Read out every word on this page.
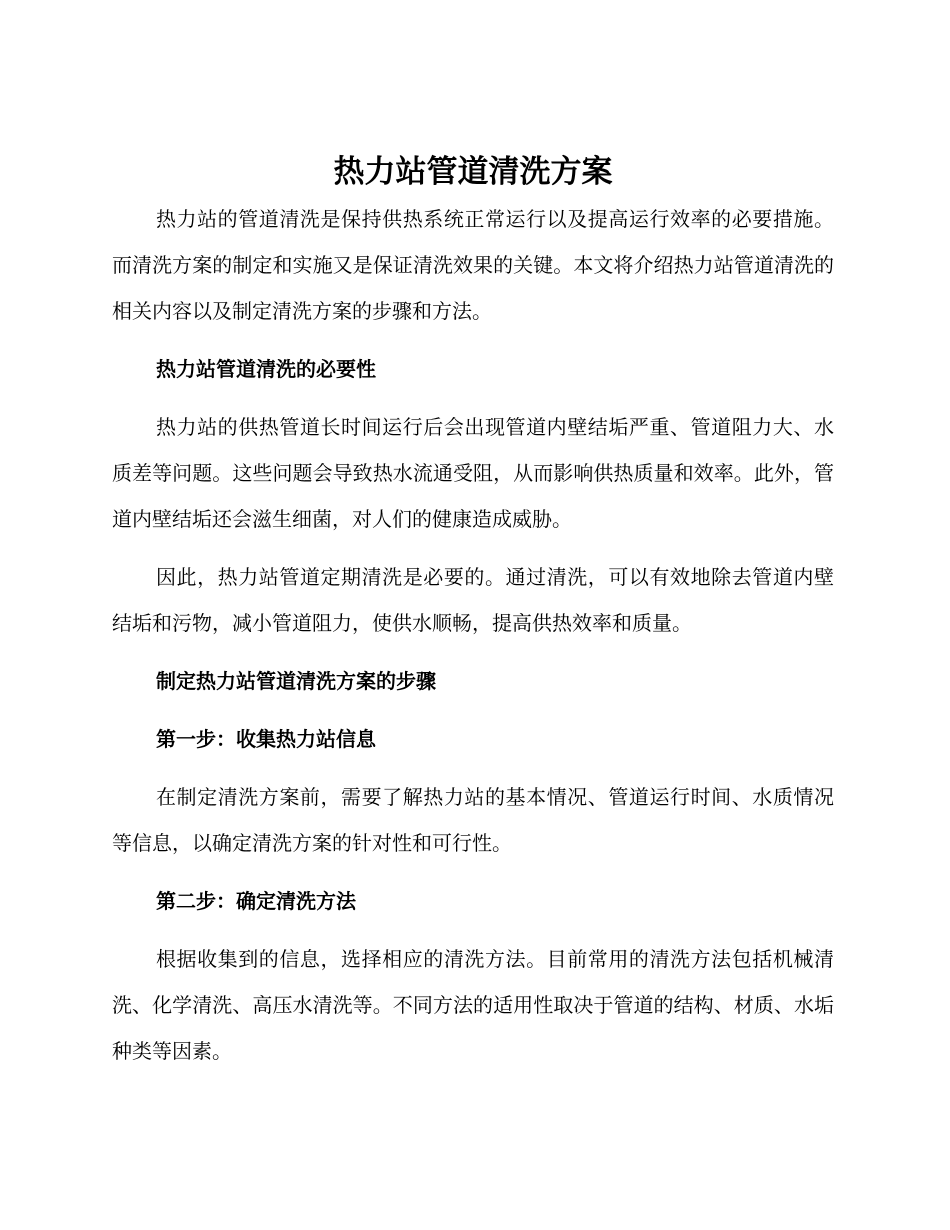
热力站管道清洗方案

热力站的管道清洗是保持供热系统正常运行以及提高运行效率的必要措施。而清洗方案的制定和实施又是保证清洗效果的关键。本文将介绍热力站管道清洗的相关内容以及制定清洗方案的步骤和方法。

热力站管道清洗的必要性

热力站的供热管道长时间运行后会出现管道内壁结垢严重、管道阻力大、水质差等问题。这些问题会导致热水流通受阻，从而影响供热质量和效率。此外，管道内壁结垢还会滋生细菌，对人们的健康造成威胁。

因此，热力站管道定期清洗是必要的。通过清洗，可以有效地除去管道内壁结垢和污物，减小管道阻力，使供水顺畅，提高供热效率和质量。

制定热力站管道清洗方案的步骤

第一步：收集热力站信息

在制定清洗方案前，需要了解热力站的基本情况、管道运行时间、水质情况等信息，以确定清洗方案的针对性和可行性。

第二步：确定清洗方法

根据收集到的信息，选择相应的清洗方法。目前常用的清洗方法包括机械清洗、化学清洗、高压水清洗等。不同方法的适用性取决于管道的结构、材质、水垢种类等因素。
